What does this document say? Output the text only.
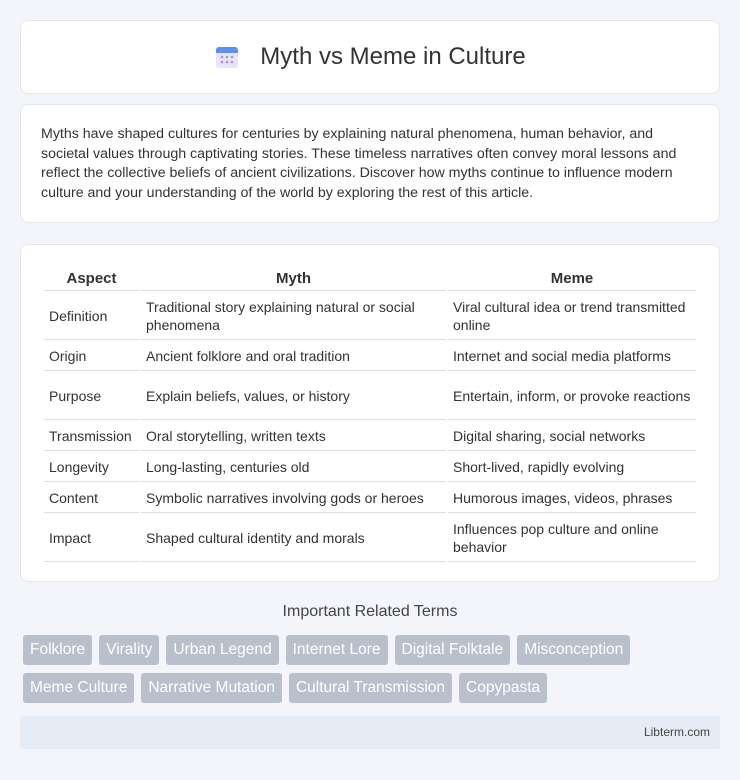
Myth vs Meme in Culture

Myths have shaped cultures for centuries by explaining natural phenomena, human behavior, and societal values through captivating stories. These timeless narratives often convey moral lessons and reflect the collective beliefs of ancient civilizations. Discover how myths continue to influence modern culture and your understanding of the world by exploring the rest of this article.

Aspect	Myth	Meme
Definition	Traditional story explaining natural or social phenomena	Viral cultural idea or trend transmitted online
Origin	Ancient folklore and oral tradition	Internet and social media platforms
Purpose	Explain beliefs, values, or history	Entertain, inform, or provoke reactions
Transmission	Oral storytelling, written texts	Digital sharing, social networks
Longevity	Long-lasting, centuries old	Short-lived, rapidly evolving
Content	Symbolic narratives involving gods or heroes	Humorous images, videos, phrases
Impact	Shaped cultural identity and morals	Influences pop culture and online behavior
Important Related Terms
Folklore	Virality	Urban Legend	Internet Lore	Digital Folktale	Misconception
Meme Culture	Narrative Mutation	Cultural Transmission	Copypasta
Libterm.com
